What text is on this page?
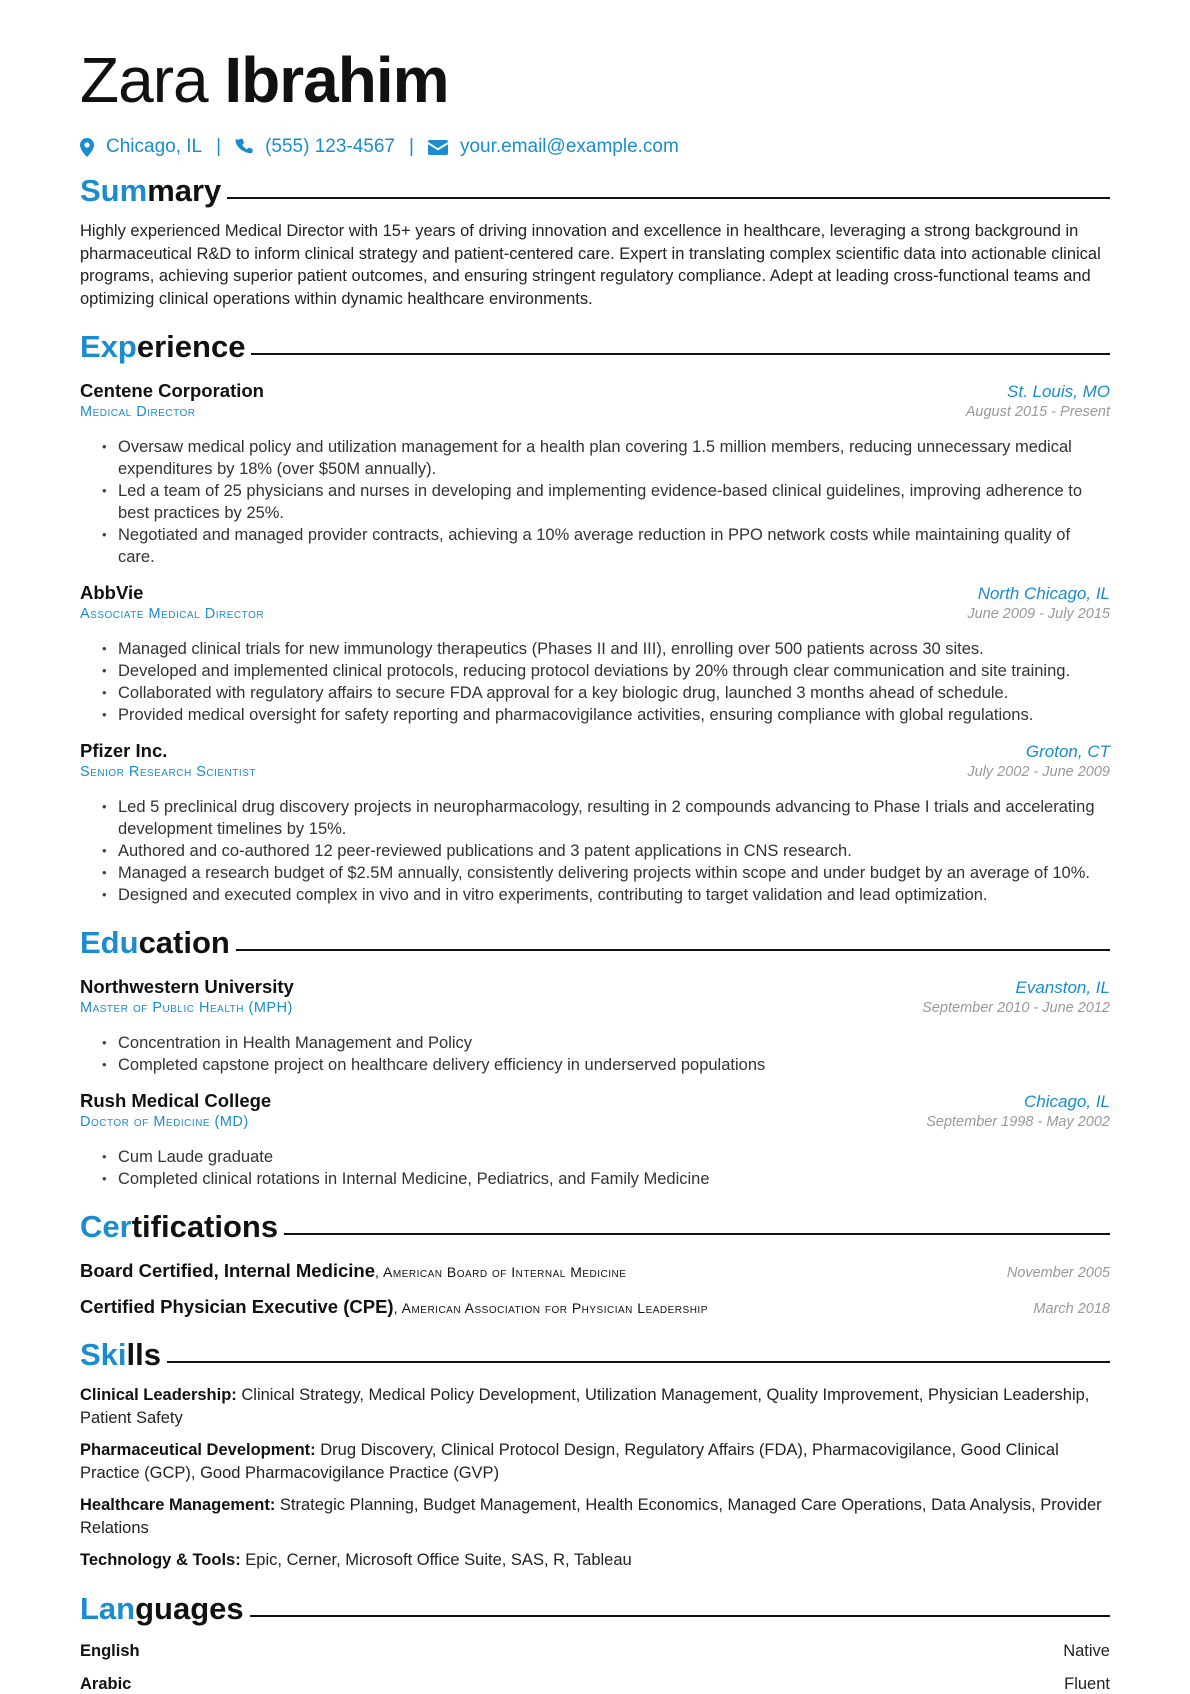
Zara Ibrahim
Chicago, IL | (555) 123-4567 | your.email@example.com
Summary
Highly experienced Medical Director with 15+ years of driving innovation and excellence in healthcare, leveraging a strong background in pharmaceutical R&D to inform clinical strategy and patient-centered care. Expert in translating complex scientific data into actionable clinical programs, achieving superior patient outcomes, and ensuring stringent regulatory compliance. Adept at leading cross-functional teams and optimizing clinical operations within dynamic healthcare environments.
Experience
Centene Corporation	St. Louis, MO
Medical Director	August 2015 - Present
• Oversaw medical policy and utilization management for a health plan covering 1.5 million members, reducing unnecessary medical expenditures by 18% (over $50M annually).
• Led a team of 25 physicians and nurses in developing and implementing evidence-based clinical guidelines, improving adherence to best practices by 25%.
• Negotiated and managed provider contracts, achieving a 10% average reduction in PPO network costs while maintaining quality of care.
AbbVie	North Chicago, IL
Associate Medical Director	June 2009 - July 2015
• Managed clinical trials for new immunology therapeutics (Phases II and III), enrolling over 500 patients across 30 sites.
• Developed and implemented clinical protocols, reducing protocol deviations by 20% through clear communication and site training.
• Collaborated with regulatory affairs to secure FDA approval for a key biologic drug, launched 3 months ahead of schedule.
• Provided medical oversight for safety reporting and pharmacovigilance activities, ensuring compliance with global regulations.
Pfizer Inc.	Groton, CT
Senior Research Scientist	July 2002 - June 2009
• Led 5 preclinical drug discovery projects in neuropharmacology, resulting in 2 compounds advancing to Phase I trials and accelerating development timelines by 15%.
• Authored and co-authored 12 peer-reviewed publications and 3 patent applications in CNS research.
• Managed a research budget of $2.5M annually, consistently delivering projects within scope and under budget by an average of 10%.
• Designed and executed complex in vivo and in vitro experiments, contributing to target validation and lead optimization.
Education
Northwestern University	Evanston, IL
Master of Public Health (MPH)	September 2010 - June 2012
• Concentration in Health Management and Policy
• Completed capstone project on healthcare delivery efficiency in underserved populations
Rush Medical College	Chicago, IL
Doctor of Medicine (MD)	September 1998 - May 2002
• Cum Laude graduate
• Completed clinical rotations in Internal Medicine, Pediatrics, and Family Medicine
Certifications
Board Certified, Internal Medicine, American Board of Internal Medicine	November 2005
Certified Physician Executive (CPE), American Association for Physician Leadership	March 2018
Skills
Clinical Leadership: Clinical Strategy, Medical Policy Development, Utilization Management, Quality Improvement, Physician Leadership, Patient Safety
Pharmaceutical Development: Drug Discovery, Clinical Protocol Design, Regulatory Affairs (FDA), Pharmacovigilance, Good Clinical Practice (GCP), Good Pharmacovigilance Practice (GVP)
Healthcare Management: Strategic Planning, Budget Management, Health Economics, Managed Care Operations, Data Analysis, Provider Relations
Technology & Tools: Epic, Cerner, Microsoft Office Suite, SAS, R, Tableau
Languages
English	Native
Arabic	Fluent
